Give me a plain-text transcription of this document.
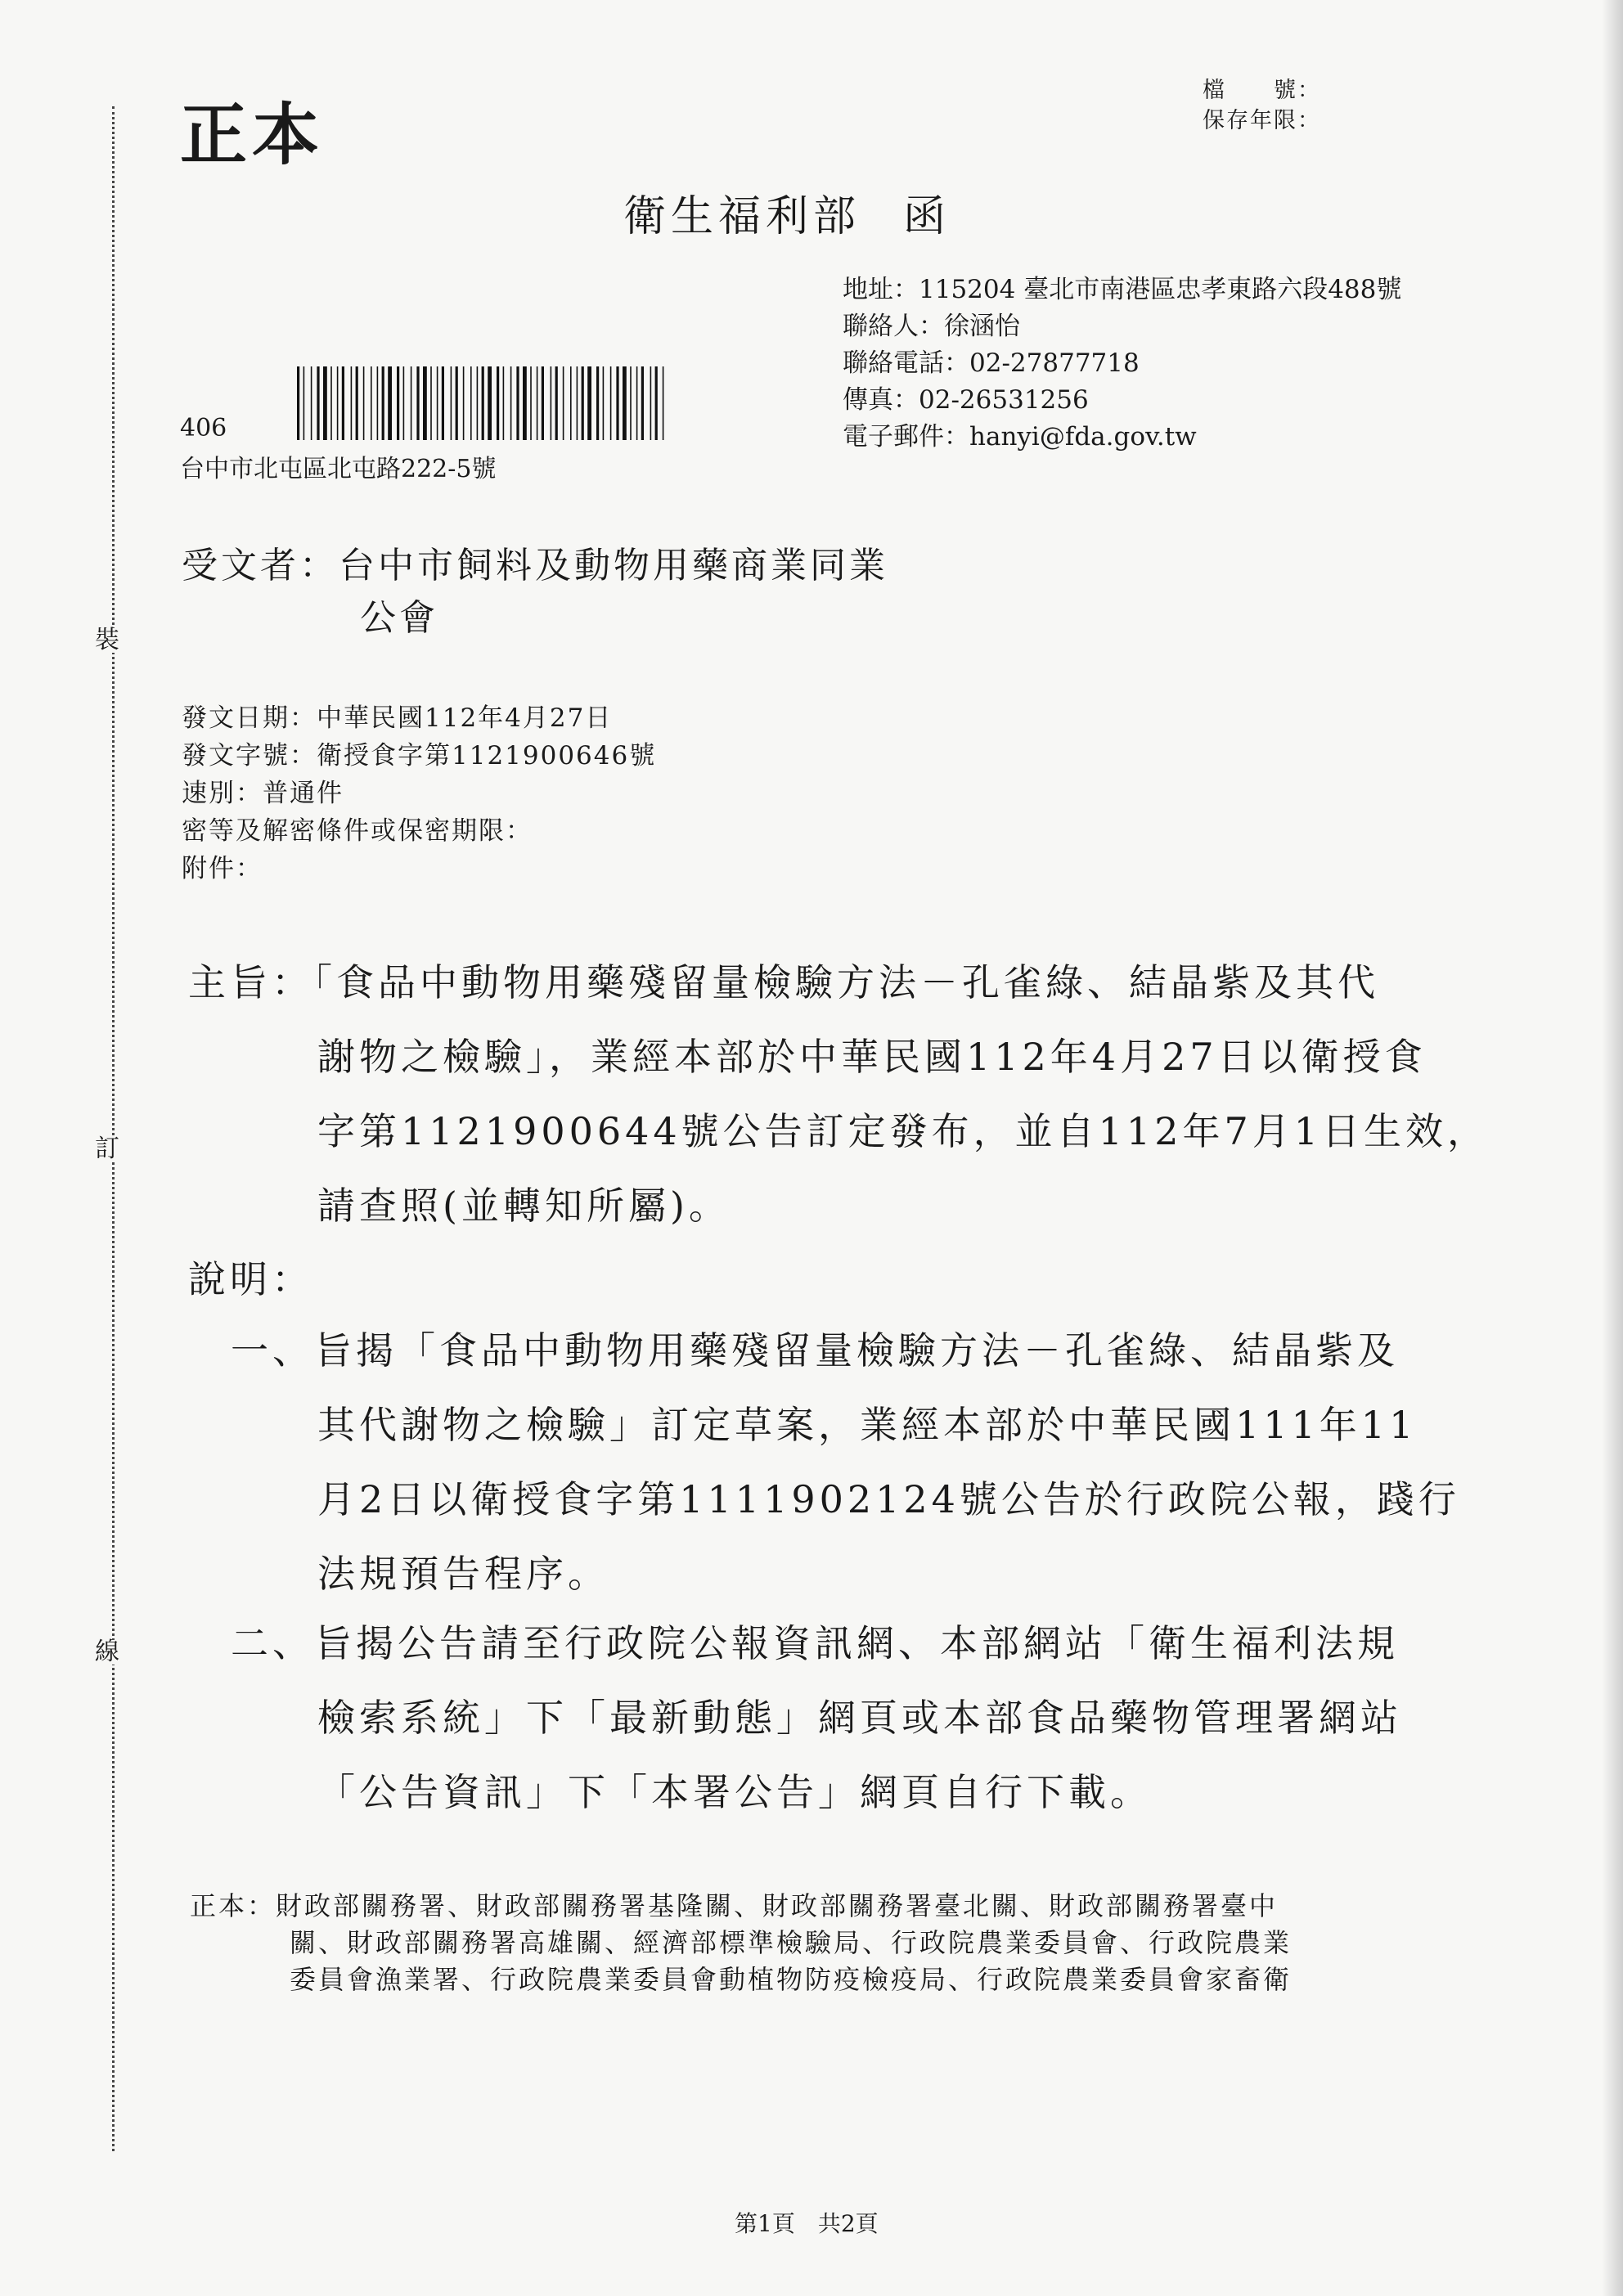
裝
訂
線
正本
檔　　號：
保存年限：
衛生福利部 函
地址：115204 臺北市南港區忠孝東路六段488號
聯絡人：徐涵怡
聯絡電話：02-27877718
傳真：02-26531256
電子郵件：hanyi@fda.gov.tw
406
台中市北屯區北屯路222-5號
受文者：台中市飼料及動物用藥商業同業
公會
發文日期：中華民國112年4月27日
發文字號：衛授食字第1121900646號
速別：普通件
密等及解密條件或保密期限：
附件：
主旨：「食品中動物用藥殘留量檢驗方法－孔雀綠、結晶紫及其代
謝物之檢驗」，業經本部於中華民國112年4月27日以衛授食
字第1121900644號公告訂定發布，並自112年7月1日生效，
請查照(並轉知所屬)。
說明：
一、旨揭「食品中動物用藥殘留量檢驗方法－孔雀綠、結晶紫及
其代謝物之檢驗」訂定草案，業經本部於中華民國111年11
月2日以衛授食字第1111902124號公告於行政院公報，踐行
法規預告程序。
二、旨揭公告請至行政院公報資訊網、本部網站「衛生福利法規
檢索系統」下「最新動態」網頁或本部食品藥物管理署網站
「公告資訊」下「本署公告」網頁自行下載。
正本：財政部關務署、財政部關務署基隆關、財政部關務署臺北關、財政部關務署臺中
關、財政部關務署高雄關、經濟部標準檢驗局、行政院農業委員會、行政院農業
委員會漁業署、行政院農業委員會動植物防疫檢疫局、行政院農業委員會家畜衛
第1頁　共2頁
